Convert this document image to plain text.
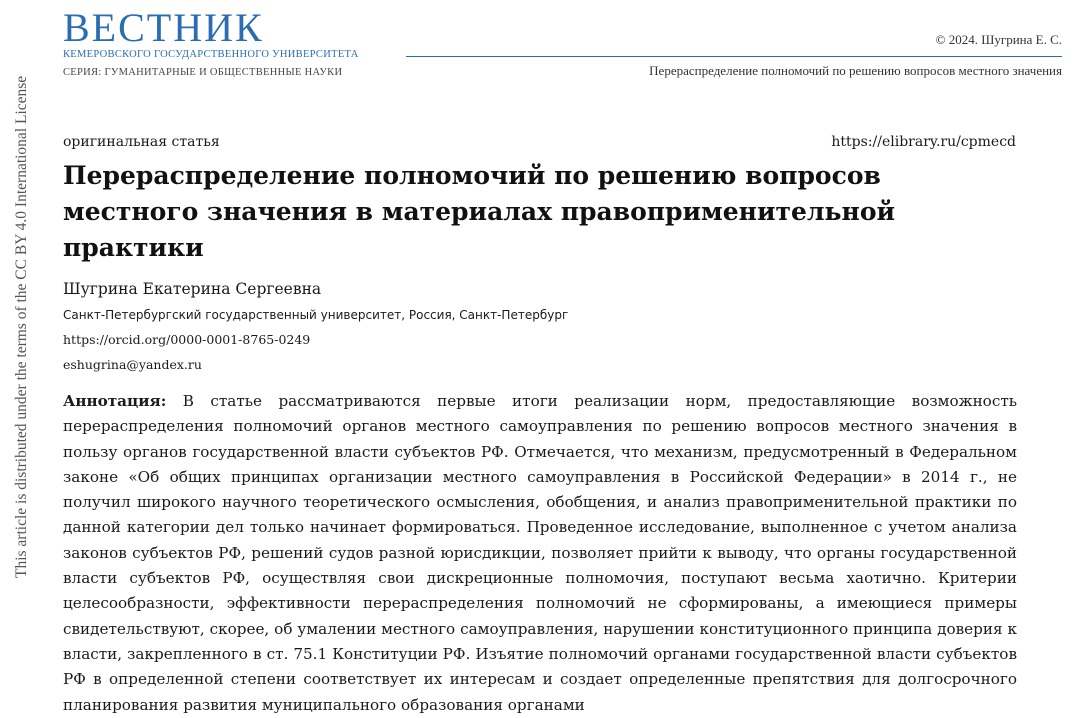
This article is distributed under the terms of the CC BY 4.0 International License
ВЕСТНИК
КЕМЕРОВСКОГО ГОСУДАРСТВЕННОГО УНИВЕРСИТЕТА
СЕРИЯ: ГУМАНИТАРНЫЕ И ОБЩЕСТВЕННЫЕ НАУКИ
© 2024. Шугрина Е. С.
Перераспределение полномочий по решению вопросов местного значения
оригинальная статья	https://elibrary.ru/cpmecd
Перераспределение полномочий по решению вопросов местного значения в материалах правоприменительной практики
Шугрина Екатерина Сергеевна
Санкт-Петербургский государственный университет, Россия, Санкт-Петербург
https://orcid.org/0000-0001-8765-0249
eshugrina@yandex.ru
Аннотация: В статье рассматриваются первые итоги реализации норм, предоставляющие возможность перераспределения полномочий органов местного самоуправления по решению вопросов местного значения в пользу органов государственной власти субъектов РФ. Отмечается, что механизм, предусмотренный в Федеральном законе «Об общих принципах организации местного самоуправления в Российской Федерации» в 2014 г., не получил широкого научного теоретического осмысления, обобщения, и анализ правоприменительной практики по данной категории дел только начинает формироваться. Проведенное исследование, выполненное с учетом анализа законов субъектов РФ, решений судов разной юрисдикции, позволяет прийти к выводу, что органы государственной власти субъектов РФ, осуществляя свои дискреционные полномочия, поступают весьма хаотично. Критерии целесообразности, эффективности перераспределения полномочий не сформированы, а имеющиеся примеры свидетельствуют, скорее, об умалении местного самоуправления, нарушении конституционного принципа доверия к власти, закрепленного в ст. 75.1 Конституции РФ. Изъятие полномочий органами государственной власти субъектов РФ в определенной степени соответствует их интересам и создает определенные препятствия для долгосрочного планирования развития муниципального образования органами
